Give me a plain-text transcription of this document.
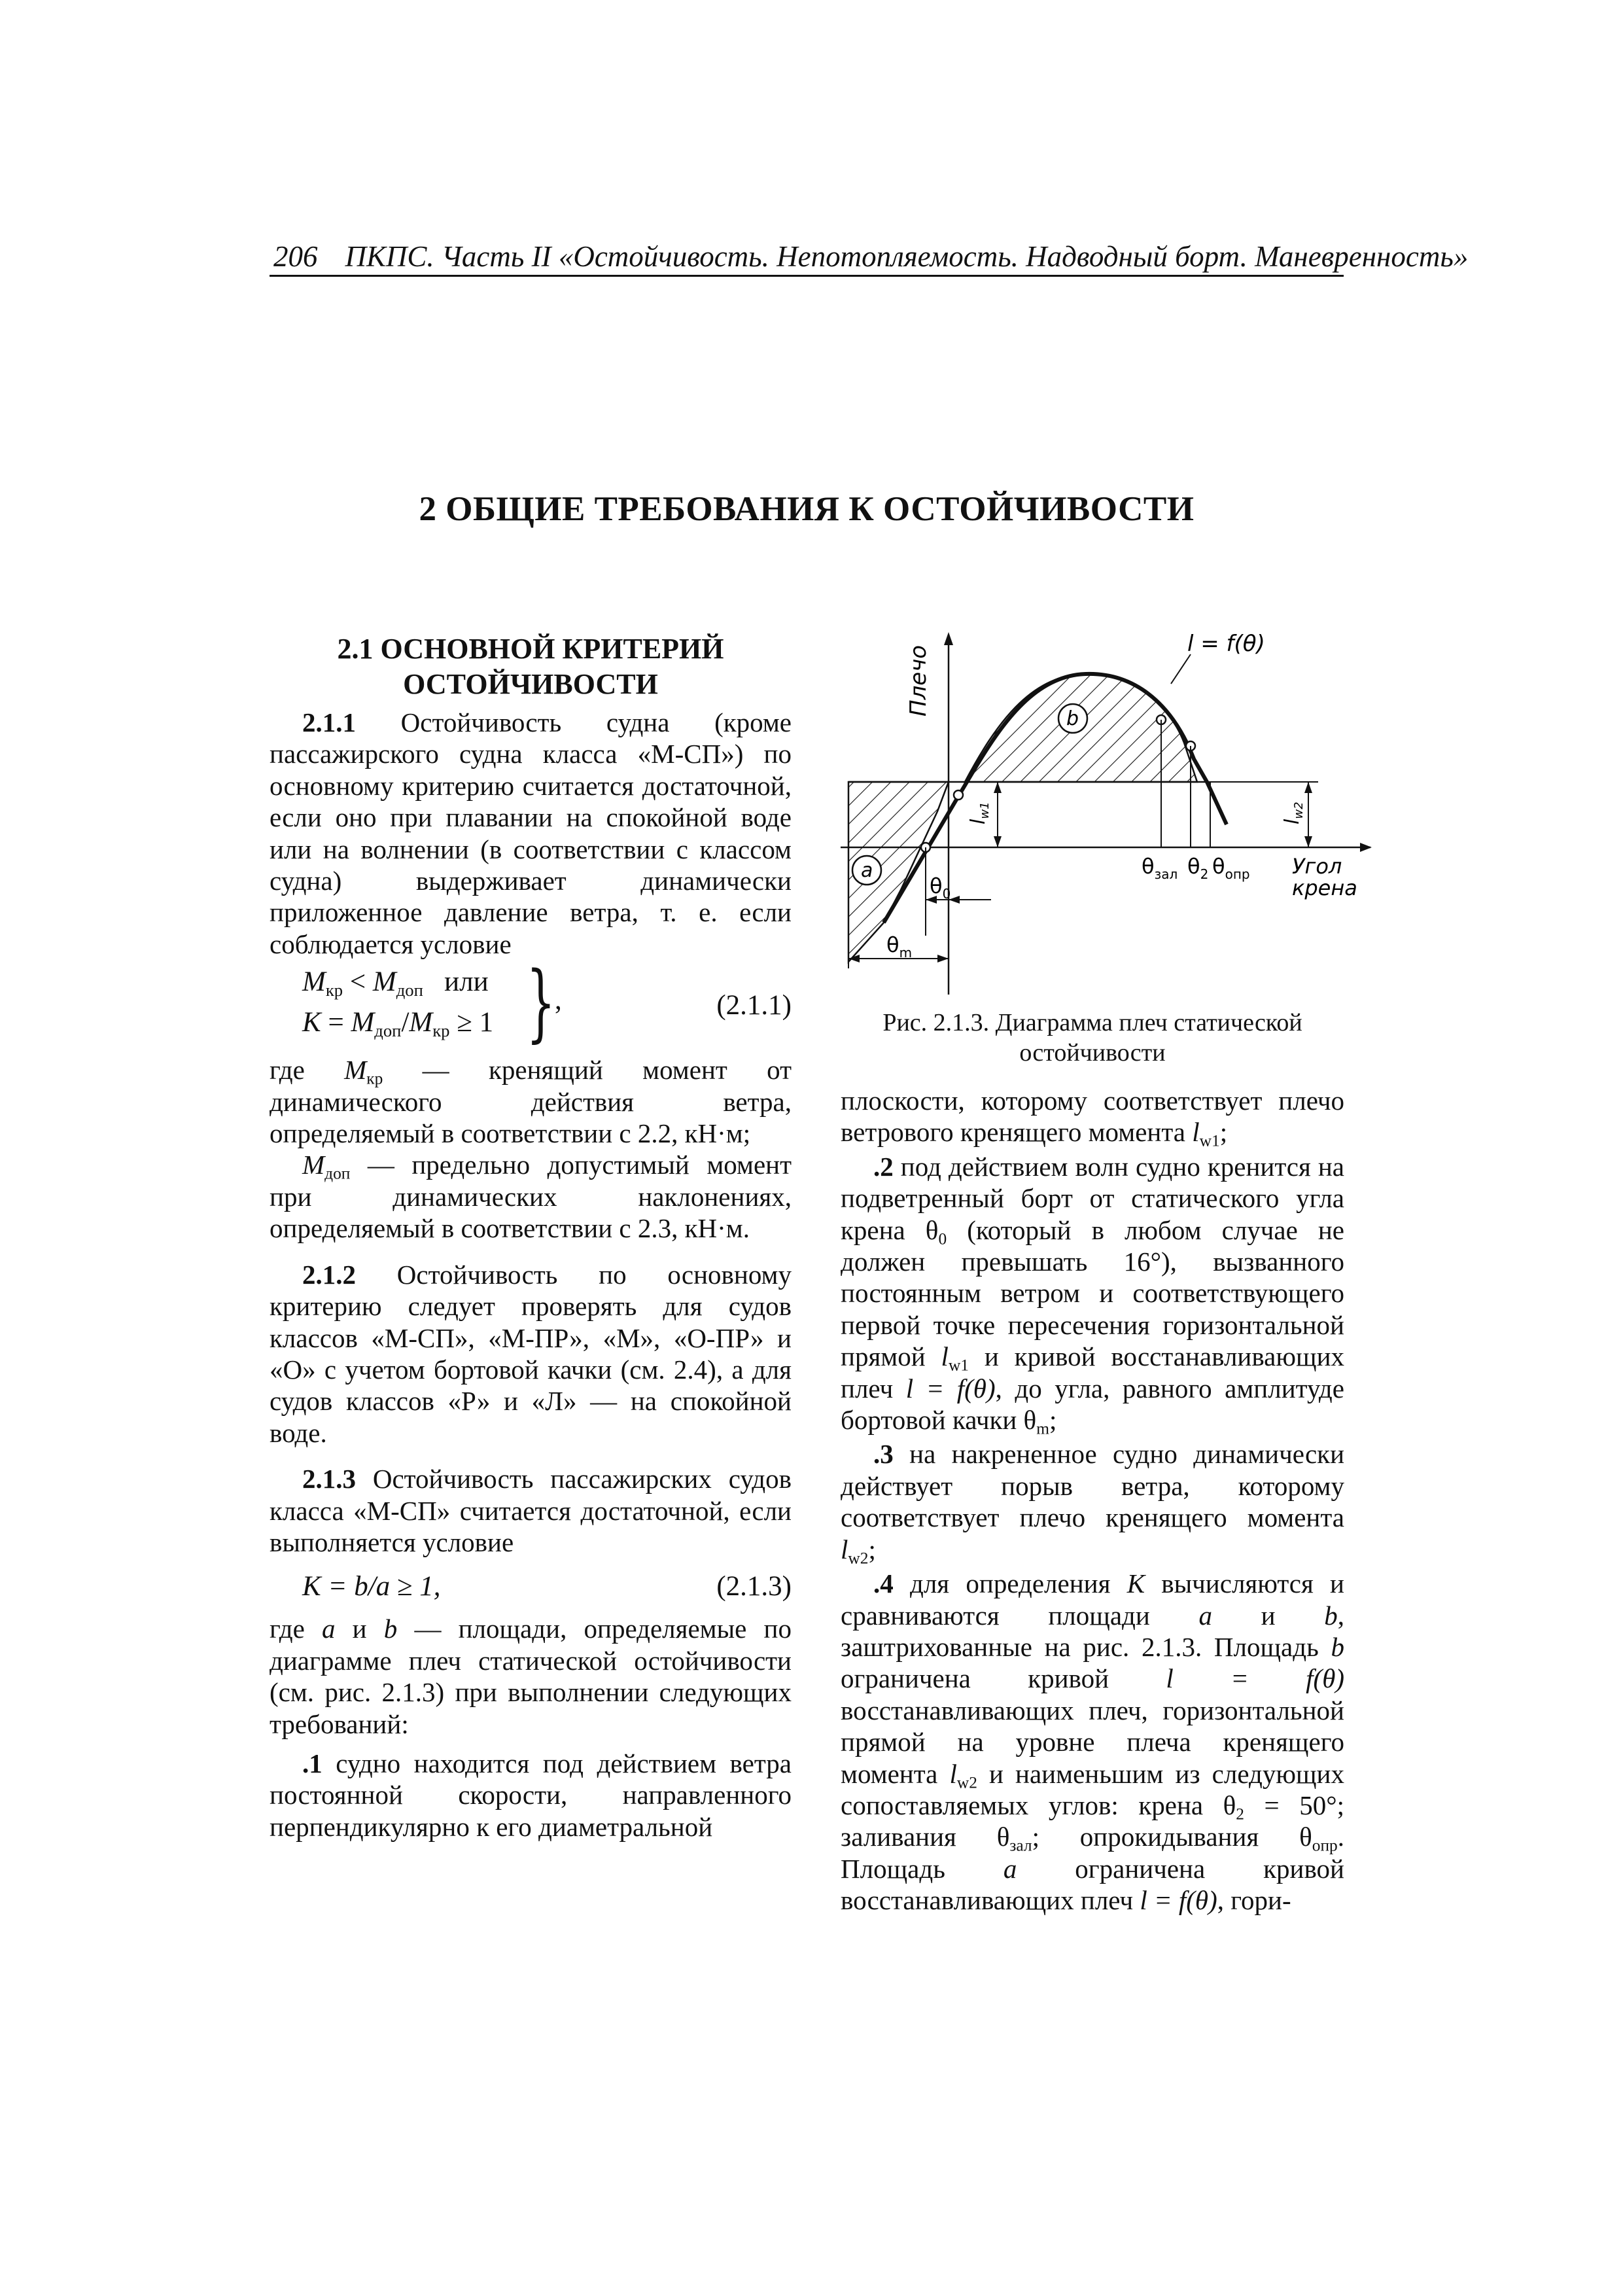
206 ПКПС. Часть II «Остойчивость. Непотопляемость. Надводный борт. Маневренность»
2 ОБЩИЕ ТРЕБОВАНИЯ К ОСТОЙЧИВОСТИ
2.1 ОСНОВНОЙ КРИТЕРИЙ
ОСТОЙЧИВОСТИ

2.1.1 Остойчивость судна (кроме пассажирского судна класса «М-СП») по основному критерию считается достаточной, если оно при плавании на спокойной воде или на волнении (в соответствии с классом судна) выдерживает динамически приложенное давление ветра, т. е. если соблюдается условие

$M_{кр} < M_{доп}$ или
$K = M_{доп}/M_{кр} \ge 1$ }
,	(2.1.1)

где $M_{кр}$ — кренящий момент от динамического действия ветра, определяемый в соответствии с 2.2, кН·м;

$M_{доп}$ — предельно допустимый момент при динамических наклонениях, определяемый в соответствии с 2.3, кН·м.

2.1.2 Остойчивость по основному критерию следует проверять для судов классов «М-СП», «М-ПР», «М», «О-ПР» и «О» с учетом бортовой качки (см. 2.4), а для судов классов «Р» и «Л» — на спокойной воде.

2.1.3 Остойчивость пассажирских судов класса «М-СП» считается достаточной, если выполняется условие

K = b/a ≥ 1,	(2.1.3)

где a и b — площади, определяемые по диаграмме плеч статической остойчивости (см. рис. 2.1.3) при выполнении следующих требований:

.1 судно находится под действием ветра постоянной скорости, направленного перпендикулярно к его диаметральной

l = f(θ)
Плечо
Угол
крена
a
b
$l_{w1}$
$l_{w2}$
$\theta_{зал}$ $\theta_2$ $\theta_{опр}$
$\theta_0$
$\theta_m$
Рис. 2.1.3. Диаграмма плеч статической
остойчивости

плоскости, которому соответствует плечо ветрового кренящего момента $l_{w1}$;

.2 под действием волн судно кренится на подветренный борт от статического угла крена $\theta_0$ (который в любом случае не должен превышать 16°), вызванного постоянным ветром и соответствующего первой точке пересечения горизонтальной прямой $l_{w1}$ и кривой восстанавливающих плеч l = f(θ), до угла, равного амплитуде бортовой качки $\theta_m$;

.3 на накрененное судно динамически действует порыв ветра, которому соответствует плечо кренящего момента $l_{w2}$;

.4 для определения K вычисляются и сравниваются площади a и b, заштрихованные на рис. 2.1.3. Площадь b ограничена кривой l = f(θ) восстанавливающих плеч, горизонтальной прямой на уровне плеча кренящего момента $l_{w2}$ и наименьшим из следующих сопоставляемых углов: крена $\theta_2 = 50^\circ$; заливания $\theta_{зал}$; опрокидывания $\theta_{опр}$. Площадь a ограничена кривой восстанавливающих плеч l = f(θ), гори-
